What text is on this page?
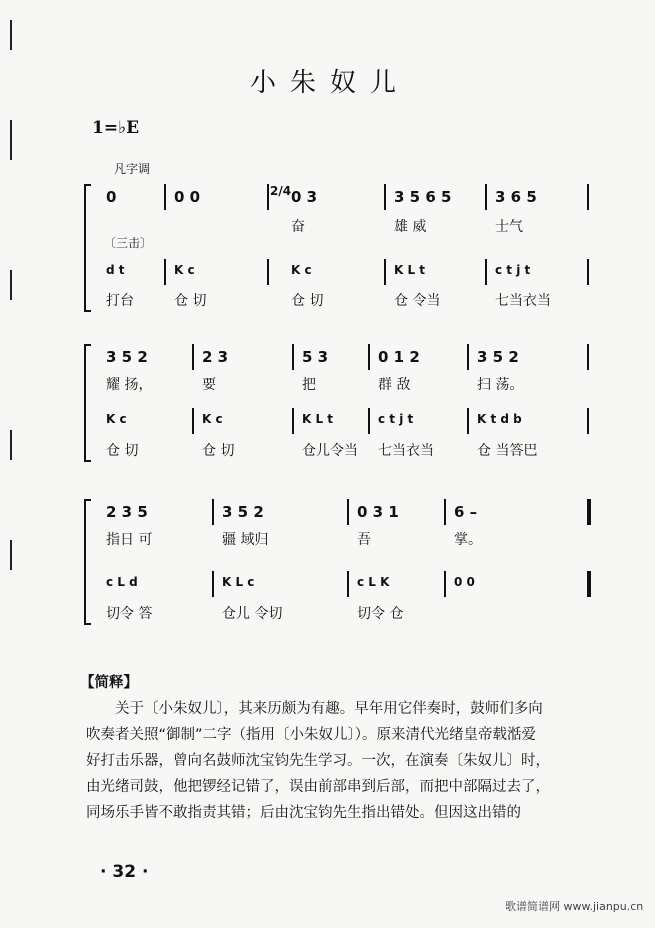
小朱奴儿
1=♭E
凡字调
〔三击〕
2/4
0
d t
打台
0 0
K c
仓 切
0 3
奋
K c
仓 切
3 5 6 5
雄 威
K L t
仓 令当
3 6 5
士气
c t j t
七当衣当
3 5 2
耀 扬，
K c
仓 切
2 3
要
K c
仓 切
5 3
把
K L t
仓儿令当
0 1 2
群 敌
c t j t
七当衣当
3 5 2
扫 荡。
K t d b
仓 当答巴
2 3 5
指日 可
c L d
切令 答
3 5 2
疆 域归
K L c
仓儿 令切
0 3 1
吾
c L K
切令 仓
6 –
掌。
0 0

【简释】

关于〔小朱奴儿〕，其来历颇为有趣。早年用它伴奏时，鼓师们多向

吹奏者关照“御制”二字（指用〔小朱奴儿〕）。原来清代光绪皇帝载湉爱

好打击乐器，曾向名鼓师沈宝钧先生学习。一次，在演奏〔朱奴儿〕时，

由光绪司鼓，他把锣经记错了，误由前部串到后部，而把中部隔过去了，

同场乐手皆不敢指责其错；后由沈宝钧先生指出错处。但因这出错的

· 32 ·
歌谱简谱网 www.jianpu.cn
